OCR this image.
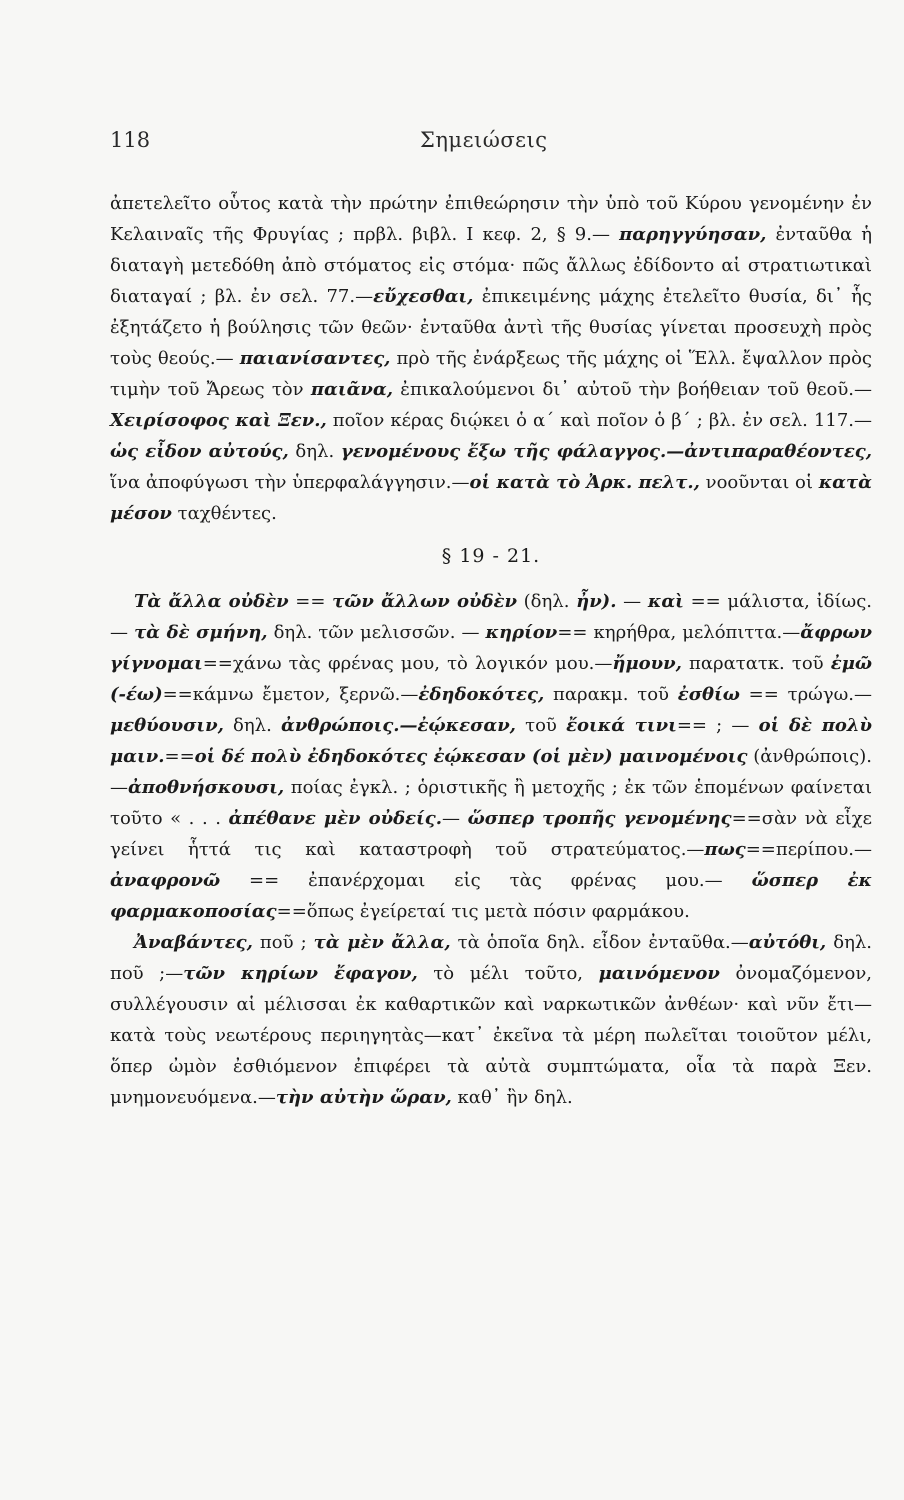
118	Σημειώσεις

ἀπετελεῖτο οὗτος κατὰ τὴν πρώτην ἐπιθεώρησιν τὴν ὑπὸ τοῦ Κύρου γενομένην ἐν Κελαιναῖς τῆς Φρυγίας ; πρβλ. βιβλ. Ι κεφ. 2, § 9.— παρηγγύησαν, ἐνταῦθα ἡ διαταγὴ μετεδόθη ἀπὸ στόματος εἰς στόμα· πῶς ἄλλως ἐδίδοντο αἱ στρατιωτικαὶ διαταγαί ; βλ. ἐν σελ. 77.—εὔχεσθαι, ἐπικειμένης μάχης ἐτελεῖτο θυσία, δι᾽ ἧς ἐξητάζετο ἡ βούλησις τῶν θεῶν· ἐνταῦθα ἀντὶ τῆς θυσίας γίνεται προσευχὴ πρὸς τοὺς θεούς.— παιανίσαντες, πρὸ τῆς ἐνάρξεως τῆς μάχης οἱ Ἕλλ. ἔψαλλον πρὸς τιμὴν τοῦ Ἄρεως τὸν παιᾶνα, ἐπικαλούμενοι δι᾽ αὐτοῦ τὴν βοήθειαν τοῦ θεοῦ.— Χειρίσοφος καὶ Ξεν., ποῖον κέρας διῴκει ὁ α΄ καὶ ποῖον ὁ β΄ ; βλ. ἐν σελ. 117.—ὡς εἶδον αὐτούς, δηλ. γενομένους ἔξω τῆς φάλαγγος.—ἀντιπαραθέοντες, ἵνα ἀποφύγωσι τὴν ὑπερφαλάγγησιν.—οἱ κατὰ τὸ Ἀρκ. πελτ., νοοῦνται οἱ κατὰ μέσον ταχθέντες.

§ 19 - 21.

Τὰ ἄλλα οὐδὲν == τῶν ἄλλων οὐδὲν (δηλ. ἦν). — καὶ == μάλιστα, ἰδίως. — τὰ δὲ σμήνη, δηλ. τῶν μελισσῶν. — κηρίον== κηρήθρα, μελόπιττα.—ἄφρων γίγνομαι==χάνω τὰς φρένας μου, τὸ λογικόν μου.—ἤμουν, παρατατκ. τοῦ ἐμῶ (-έω)==κάμνω ἔμετον, ξερνῶ.—ἐδηδοκότες, παρακμ. τοῦ ἐσθίω == τρώγω.— μεθύουσιν, δηλ. ἀνθρώποις.—ἐῴκεσαν, τοῦ ἔοικά τινι== ; — οἱ δὲ πολὺ μαιν.==οἱ δέ πολὺ ἐδηδοκότες ἐῴκεσαν (οἱ μὲν) μαινομένοις (ἀνθρώποις).—ἀποθνήσκουσι, ποίας ἐγκλ. ; ὁριστικῆς ἢ μετοχῆς ; ἐκ τῶν ἑπομένων φαίνεται τοῦτο « . . . ἀπέθανε μὲν οὐδείς.— ὥσπερ τροπῆς γενομένης==σὰν νὰ εἶχε γείνει ἧττά τις καὶ καταστροφὴ τοῦ στρατεύματος.—πως==περίπου.— ἀναφρονῶ == ἐπανέρχομαι εἰς τὰς φρένας μου.— ὥσπερ ἐκ φαρμακοποσίας==ὅπως ἐγείρεταί τις μετὰ πόσιν φαρμάκου.

Ἀναβάντες, ποῦ ; τὰ μὲν ἄλλα, τὰ ὁποῖα δηλ. εἶδον ἐνταῦθα.—αὐτόθι, δηλ. ποῦ ;—τῶν κηρίων ἔφαγον, τὸ μέλι τοῦτο, μαινόμενον ὀνομαζόμενον, συλλέγουσιν αἱ μέλισσαι ἐκ καθαρτικῶν καὶ ναρκωτικῶν ἀνθέων· καὶ νῦν ἔτι—κατὰ τοὺς νεωτέρους περιηγητὰς—κατ᾽ ἐκεῖνα τὰ μέρη πωλεῖται τοιοῦτον μέλι, ὅπερ ὠμὸν ἐσθιόμενον ἐπιφέρει τὰ αὐτὰ συμπτώματα, οἷα τὰ παρὰ Ξεν. μνημονευόμενα.—τὴν αὐτὴν ὥραν, καθ᾽ ἣν δηλ.
